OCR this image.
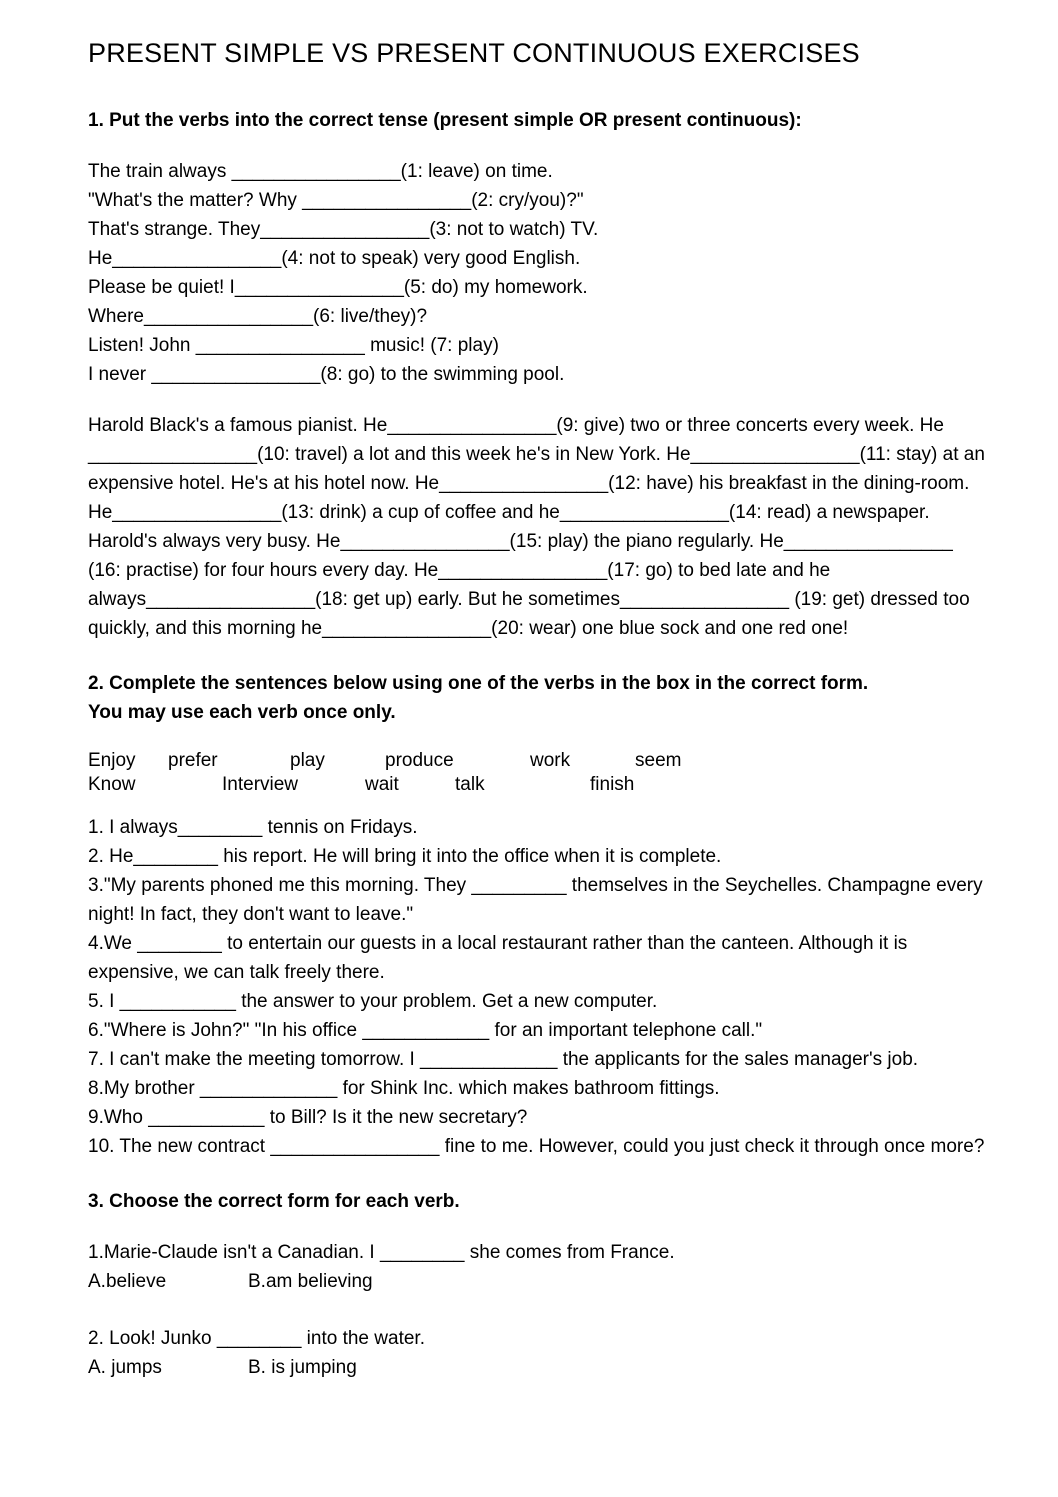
PRESENT SIMPLE VS PRESENT CONTINUOUS EXERCISES
1. Put the verbs into the correct tense (present simple OR present continuous):

The train always ________________(1: leave) on time.

"What's the matter? Why ________________(2: cry/you)?"

That's strange. They________________(3: not to watch) TV.

He________________(4: not to speak) very good English.

Please be quiet! I________________(5: do) my homework.

Where________________(6: live/they)?

Listen! John ________________ music! (7: play)

I never ________________(8: go) to the swimming pool.

Harold Black's a famous pianist. He________________(9: give) two or three concerts every week. He ________________(10: travel) a lot and this week he's in New York. He________________(11: stay) at an expensive hotel. He's at his hotel now. He________________(12: have) his breakfast in the dining-room. He________________(13: drink) a cup of coffee and he________________(14: read) a newspaper. Harold's always very busy. He________________(15: play) the piano regularly. He________________ (16: practise) for four hours every day. He________________(17: go) to bed late and he always________________(18: get up) early. But he sometimes________________ (19: get) dressed too quickly, and this morning he________________(20: wear) one blue sock and one red one!

2. Complete the sentences below using one of the verbs in the box in the correct form.
You may use each verb once only.
Enjoy prefer	play	produce	work	seem
Know	Interview	wait	talk	finish

1. I always________ tennis on Fridays.

2. He________ his report. He will bring it into the office when it is complete.

3."My parents phoned me this morning. They _________ themselves in the Seychelles. Champagne every night! In fact, they don't want to leave."

4.We ________ to entertain our guests in a local restaurant rather than the canteen. Although it is expensive, we can talk freely there.

5. I ___________ the answer to your problem. Get a new computer.

6."Where is John?" "In his office ____________ for an important telephone call."

7. I can't make the meeting tomorrow. I _____________ the applicants for the sales manager's job.

8.My brother _____________ for Shink Inc. which makes bathroom fittings.

9.Who ___________ to Bill? Is it the new secretary?

10. The new contract ________________ fine to me. However, could you just check it through once more?

3. Choose the correct form for each verb.

1.Marie-Claude isn't a Canadian. I ________ she comes from France.

A.believe	B.am believing

2. Look! Junko ________ into the water.

A. jumps	B. is jumping
